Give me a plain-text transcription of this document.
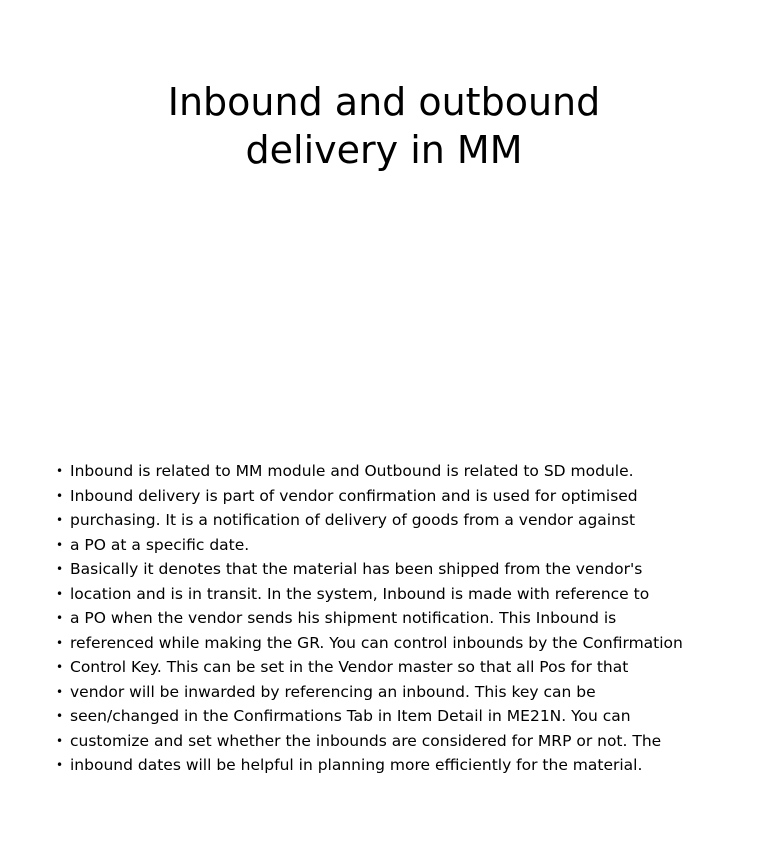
Inbound and outbound delivery in MM
• Inbound is related to MM module and Outbound is related to SD module.
• Inbound delivery is part of vendor confirmation and is used for optimised
• purchasing. It is a notification of delivery of goods from a vendor against
• a PO at a specific date.
• Basically it denotes that the material has been shipped from the vendor's
• location and is in transit. In the system, Inbound is made with reference to
• a PO when the vendor sends his shipment notification. This Inbound is
• referenced while making the GR. You can control inbounds by the Confirmation
• Control Key. This can be set in the Vendor master so that all Pos for that
• vendor will be inwarded by referencing an inbound. This key can be
• seen/changed in the Confirmations Tab in Item Detail in ME21N. You can
• customize and set whether the inbounds are considered for MRP or not. The
• inbound dates will be helpful in planning more efficiently for the material.
